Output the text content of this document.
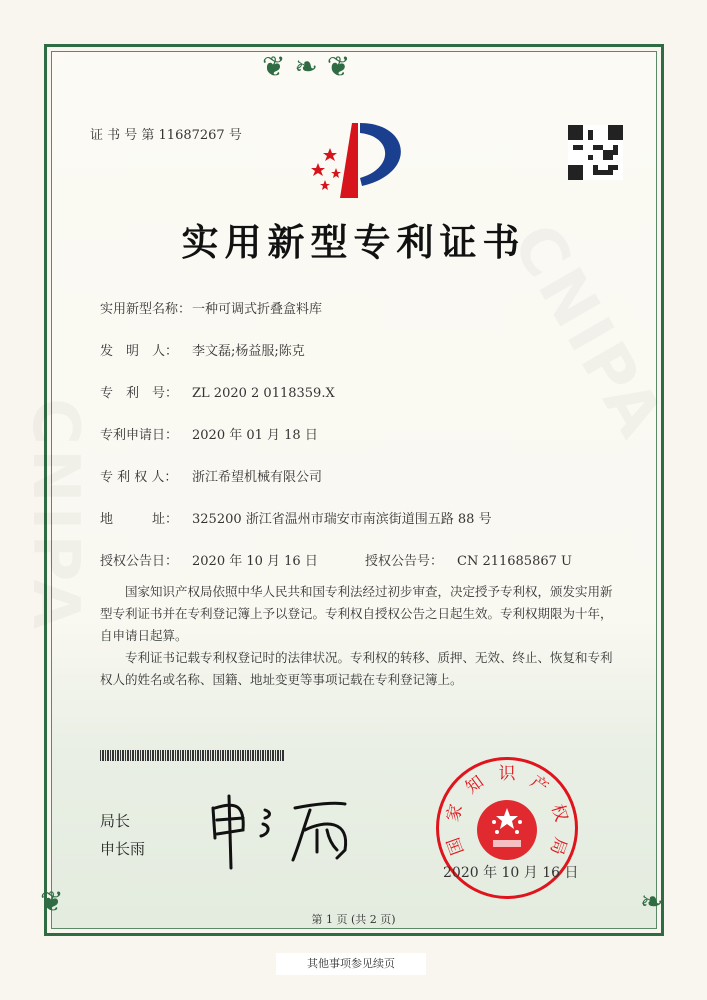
❦ ❧ ❦
❦	❧
证 书 号 第 11687267 号
实用新型专利证书
实用新型名称：一种可调式折叠盒料库
发　明　人： 李文磊;杨益服;陈克
专　利　号： ZL 2020 2 0118359.X
专利申请日： 2020 年 01 月 18 日
专 利 权 人： 浙江希望机械有限公司
地　　　址： 325200 浙江省温州市瑞安市南滨街道围五路 88 号
授权公告日： 2020 年 10 月 16 日	授权公告号： CN 211685867 U
国家知识产权局依照中华人民共和国专利法经过初步审查，决定授予专利权，颁发实用新型专利证书并在专利登记簿上予以登记。专利权自授权公告之日起生效。专利权期限为十年，自申请日起算。
专利证书记载专利权登记时的法律状况。专利权的转移、质押、无效、终止、恢复和专利权人的姓名或名称、国籍、地址变更等事项记载在专利登记簿上。
局长
申长雨	国
家
知 识 产
权
局
2020 年 10 月 16 日
第 1 页 (共 2 页)
其他事项参见续页
